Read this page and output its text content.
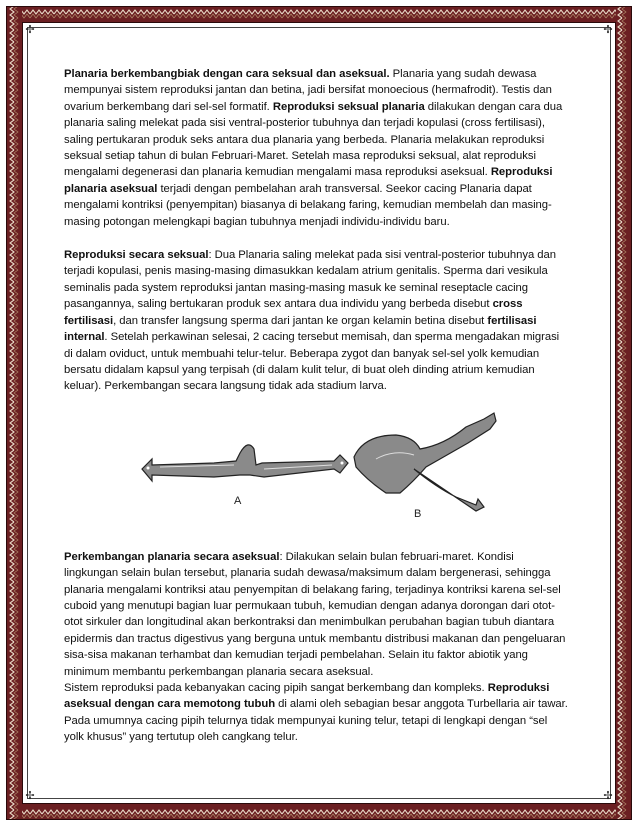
✢	✢
✢	✢

Planaria berkembangbiak dengan cara seksual dan aseksual. Planaria yang sudah dewasa mempunyai sistem reproduksi jantan dan betina, jadi bersifat monoecious (hermafrodit). Testis dan ovarium berkembang dari sel-sel formatif. Reproduksi seksual planaria dilakukan dengan cara dua planaria saling melekat pada sisi ventral-posterior tubuhnya dan terjadi kopulasi (cross fertilisasi), saling pertukaran produk seks antara dua planaria yang berbeda. Planaria melakukan reproduksi seksual setiap tahun di bulan Februari-Maret. Setelah masa reproduksi seksual, alat reproduksi mengalami degenerasi dan planaria kemudian mengalami masa reproduksi aseksual. Reproduksi planaria aseksual terjadi dengan pembelahan arah transversal. Seekor cacing Planaria dapat mengalami kontriksi (penyempitan) biasanya di belakang faring, kemudian membelah dan masing-masing potongan melengkapi bagian tubuhnya menjadi individu-individu baru.

Reproduksi secara seksual: Dua Planaria saling melekat pada sisi ventral-posterior tubuhnya dan terjadi kopulasi, penis masing-masing dimasukkan kedalam atrium genitalis. Sperma dari vesikula seminalis pada system reproduksi jantan masing-masing masuk ke seminal reseptacle cacing pasangannya, saling bertukaran produk sex antara dua individu yang berbeda disebut cross fertilisasi, dan transfer langsung sperma dari jantan ke organ kelamin betina disebut fertilisasi internal. Setelah perkawinan selesai, 2 cacing tersebut memisah, dan sperma mengadakan migrasi di dalam oviduct, untuk membuahi telur-telur. Beberapa zygot dan banyak sel-sel yolk kemudian bersatu didalam kapsul yang terpisah (di dalam kulit telur, di buat oleh dinding atrium kemudian keluar). Perkembangan secara langsung tidak ada stadium larva.

A
B

Perkembangan planaria secara aseksual: Dilakukan selain bulan februari-maret. Kondisi lingkungan selain bulan tersebut, planaria sudah dewasa/maksimum dalam bergenerasi, sehingga planaria mengalami kontriksi atau penyempitan di belakang faring, terjadinya kontriksi karena sel-sel cuboid yang menutupi bagian luar permukaan tubuh, kemudian dengan adanya dorongan dari otot-otot sirkuler dan longitudinal akan berkontraksi dan menimbulkan perubahan bagian tubuh diantara epidermis dan tractus digestivus yang berguna untuk membantu distribusi makanan dan pengeluaran sisa-sisa makanan terhambat dan kemudian terjadi pembelahan. Selain itu faktor abiotik yang minimum membantu perkembangan planaria secara aseksual.

Sistem reproduksi pada kebanyakan cacing pipih sangat berkembang dan kompleks. Reproduksi aseksual dengan cara memotong tubuh di alami oleh sebagian besar anggota Turbellaria air tawar. Pada umumnya cacing pipih telurnya tidak mempunyai kuning telur, tetapi di lengkapi dengan “sel yolk khusus” yang tertutup oleh cangkang telur.
